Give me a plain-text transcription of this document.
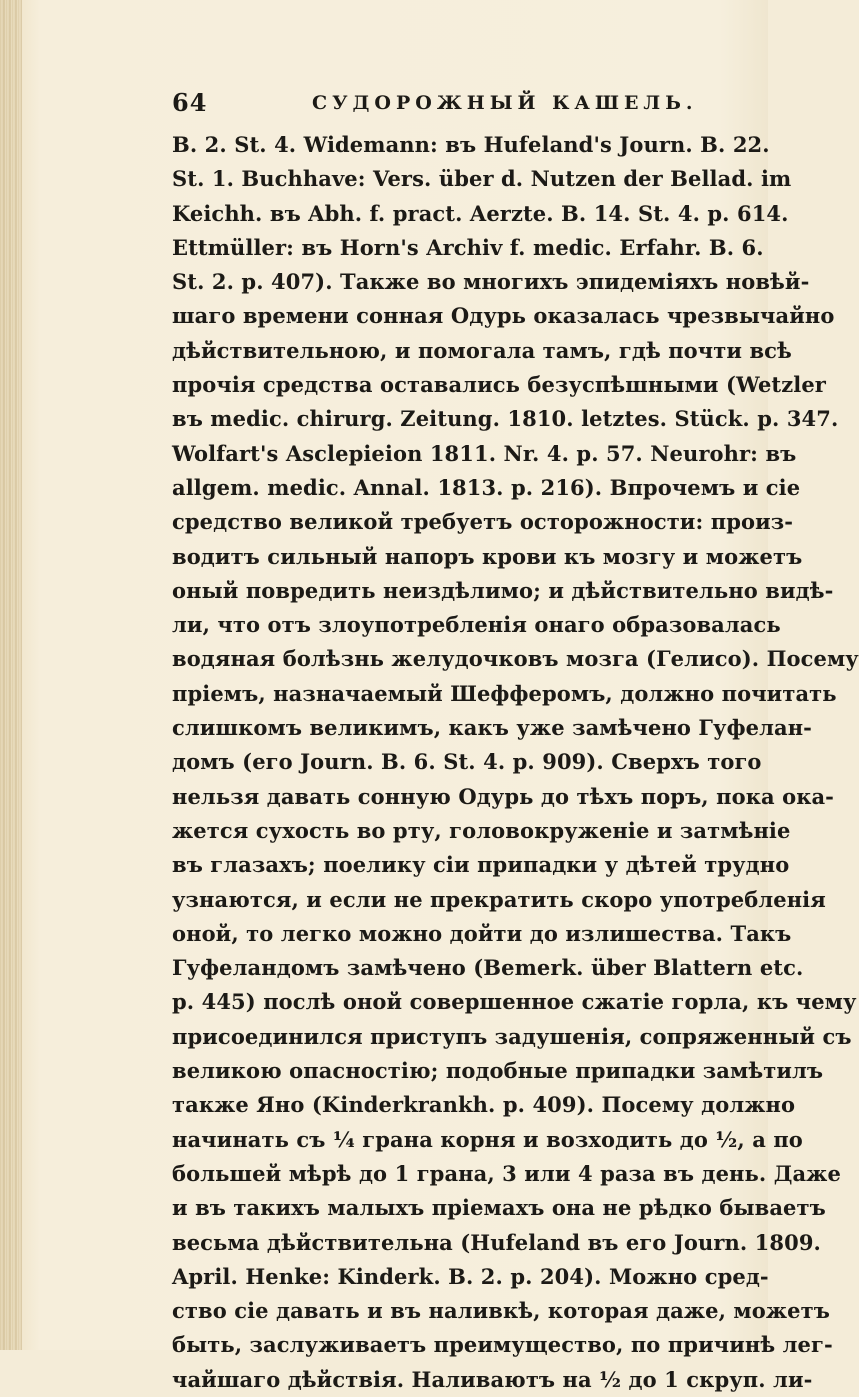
64	СУДОРОЖНЫЙ КАШЕЛЬ.
B. 2. St. 4. Widemann: въ Hufeland's Journ. B. 22.
St. 1. Buchhave: Vers. über d. Nutzen der Bellad. im
Keichh. въ Abh. f. pract. Aerzte. B. 14. St. 4. p. 614.
Ettmüller: въ Horn's Archiv f. medic. Erfahr. B. 6.
St. 2. p. 407). Также во многихъ эпидеміяхъ новѣй-
шаго времени сонная Одурь оказалась чрезвычайно
дѣйствительною, и помогала тамъ, гдѣ почти всѣ
прочія средства оставались безуспѣшными (Wetzler
въ medic. chirurg. Zeitung. 1810. letztes. Stück. p. 347.
Wolfart's Asclepieion 1811. Nr. 4. p. 57. Neurohr: въ
allgem. medic. Annal. 1813. p. 216). Впрочемъ и сіе
средство великой требуетъ осторожности: произ-
водитъ сильный напоръ крови къ мозгу и можетъ
оный повредить неиздѣлимо; и дѣйствительно видѣ-
ли, что отъ злоупотребленія онаго образовалась
водяная болѣзнь желудочковъ мозга (Гелисо). Посему
пріемъ, назначаемый Шефферомъ, должно почитать
слишкомъ великимъ, какъ уже замѣчено Гуфелан-
домъ (его Journ. B. 6. St. 4. p. 909). Сверхъ того
нельзя давать сонную Одурь до тѣхъ поръ, пока ока-
жется сухость во рту, головокруженіе и затмѣніе
въ глазахъ; поелику сіи припадки у дѣтей трудно
узнаются, и если не прекратить скоро употребленія
оной, то легко можно дойти до излишества. Такъ
Гуфеландомъ замѣчено (Bemerk. über Blattern etc.
p. 445) послѣ оной совершенное сжатіе горла, къ чему
присоединился приступъ задушенія, сопряженный съ
великою опасностію; подобные припадки замѣтилъ
также Яно (Kinderkrankh. p. 409). Посему должно
начинать съ ¼ грана корня и возходить до ½, а по
большей мѣрѣ до 1 грана, 3 или 4 раза въ день. Даже
и въ такихъ малыхъ пріемахъ она не рѣдко бываетъ
весьма дѣйствительна (Hufeland въ его Journ. 1809.
April. Henke: Kinderk. B. 2. p. 204). Можно сред-
ство сіе давать и въ наливкѣ, которая даже, можетъ
быть, заслуживаетъ преимущество, по причинѣ лег-
чайшаго дѣйствія. Наливаютъ на ½ до 1 скруп. ли-
